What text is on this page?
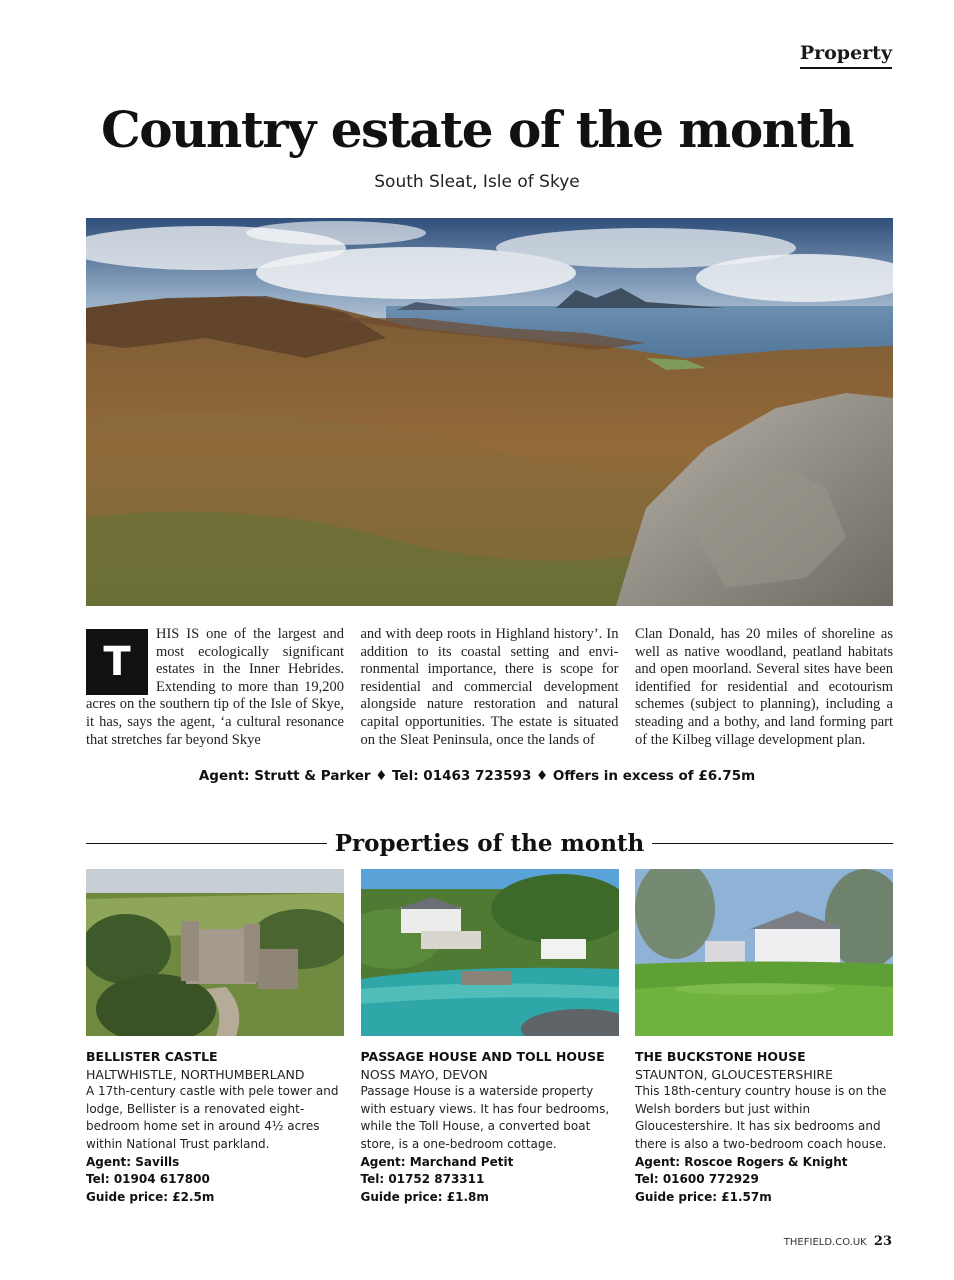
Property
Country estate of the month
South Sleat, Isle of Skye
T
HIS IS one of the largest and most ecologically significant estates in the Inner Hebrides. Extending to more than 19,200 acres on the southern tip of the Isle of Skye, it has, says the agent, ‘a cultural resonance that stretches far beyond Skye
and with deep roots in Highland history’. In addition to its coastal setting and envi-ronmental importance, there is scope for residential and commercial development alongside nature restoration and natural capital opportunities. The estate is situated on the Sleat Peninsula, once the lands of
Clan Donald, has 20 miles of shoreline as well as native woodland, peatland habitats and open moorland. Several sites have been identified for residential and ecotourism schemes (subject to planning), including a steading and a bothy, and land forming part of the Kilbeg village development plan.
Agent: Strutt & Parker ♦ Tel: 01463 723593 ♦ Offers in excess of £6.75m
Properties of the month
BELLISTER CASTLE
HALTWHISTLE, NORTHUMBERLAND
A 17th-century castle with pele tower and lodge, Bellister is a renovated eight-bedroom home set in around 4½ acres within National Trust parkland.
Agent: Savills
Tel: 01904 617800
Guide price: £2.5m
PASSAGE HOUSE AND TOLL HOUSE
NOSS MAYO, DEVON
Passage House is a waterside property with estuary views. It has four bedrooms, while the Toll House, a converted boat store, is a one-bedroom cottage.
Agent: Marchand Petit
Tel: 01752 873311
Guide price: £1.8m
THE BUCKSTONE HOUSE
STAUNTON, GLOUCESTERSHIRE
This 18th-century country house is on the Welsh borders but just within Gloucestershire. It has six bedrooms and there is also a two-bedroom coach house.
Agent: Roscoe Rogers & Knight
Tel: 01600 772929
Guide price: £1.57m
THEFIELD.CO.UK 23
